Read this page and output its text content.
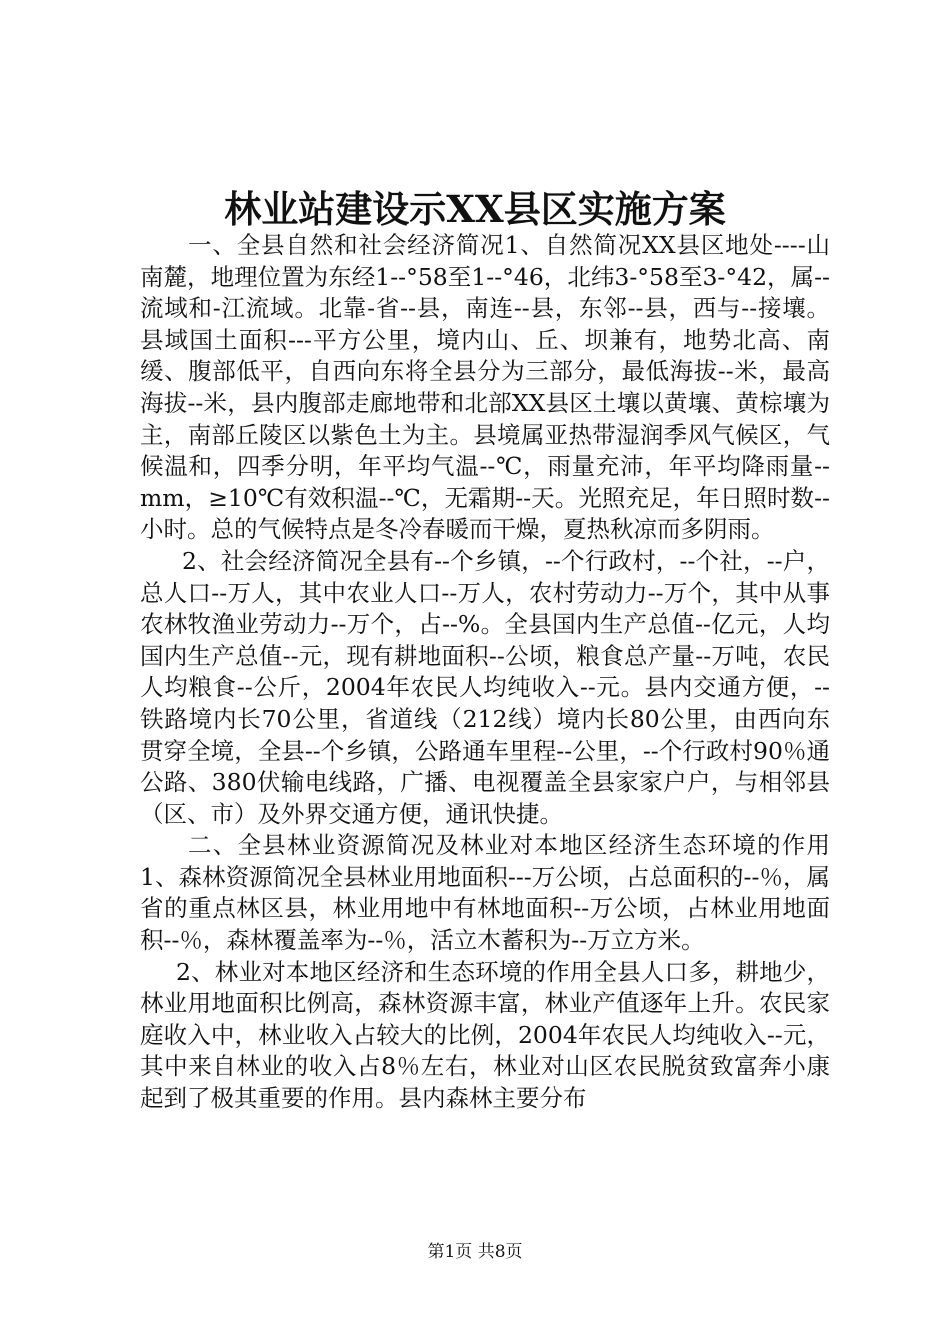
林业站建设示XX县区实施方案

一、全县自然和社会经济简况1、自然简况XX县区地处----山南麓，地理位置为东经1--°58至1--°46，北纬3-°58至3-°42，属--流域和-江流域。北靠-省--县，南连--县，东邻--县，西与--接壤。县域国土面积---平方公里，境内山、丘、坝兼有，地势北高、南缓、腹部低平，自西向东将全县分为三部分，最低海拔--米，最高海拔--米，县内腹部走廊地带和北部XX县区土壤以黄壤、黄棕壤为主，南部丘陵区以紫色土为主。县境属亚热带湿润季风气候区，气候温和，四季分明，年平均气温--℃，雨量充沛，年平均降雨量--mm，≥10℃有效积温--℃，无霜期--天。光照充足，年日照时数--小时。总的气候特点是冬冷春暖而干燥，夏热秋凉而多阴雨。

2、社会经济简况全县有--个乡镇，--个行政村，--个社，--户，总人口--万人，其中农业人口--万人，农村劳动力--万个，其中从事农林牧渔业劳动力--万个，占--%。全县国内生产总值--亿元，人均国内生产总值--元，现有耕地面积--公顷，粮食总产量--万吨，农民人均粮食--公斤，2004年农民人均纯收入--元。县内交通方便，--铁路境内长70公里，省道线（212线）境内长80公里，由西向东贯穿全境，全县--个乡镇，公路通车里程--公里，--个行政村90％通公路、380伏输电线路，广播、电视覆盖全县家家户户，与相邻县（区、市）及外界交通方便，通讯快捷。

二、全县林业资源简况及林业对本地区经济生态环境的作用1、森林资源简况全县林业用地面积---万公顷，占总面积的--％，属省的重点林区县，林业用地中有林地面积--万公顷，占林业用地面积--％，森林覆盖率为--％，活立木蓄积为--万立方米。

2、林业对本地区经济和生态环境的作用全县人口多，耕地少，林业用地面积比例高，森林资源丰富，林业产值逐年上升。农民家庭收入中，林业收入占较大的比例，2004年农民人均纯收入--元，其中来自林业的收入占8％左右，林业对山区农民脱贫致富奔小康起到了极其重要的作用。县内森林主要分布

第1页 共8页
